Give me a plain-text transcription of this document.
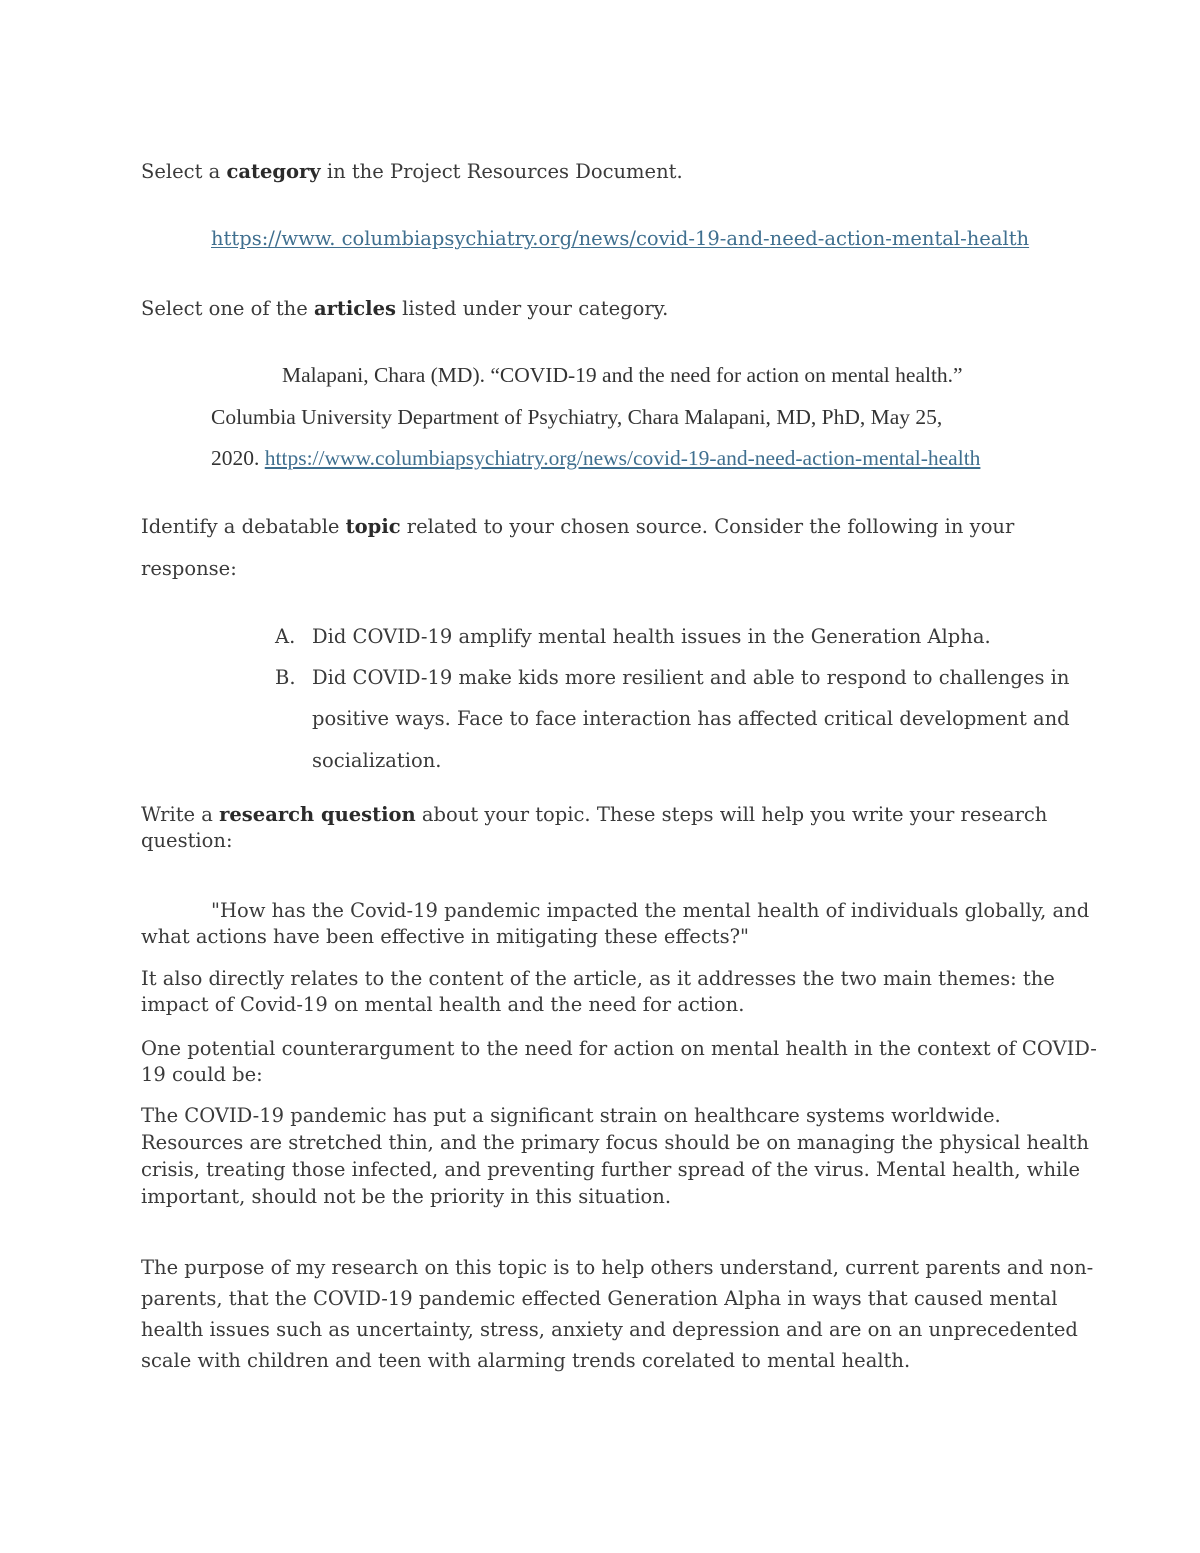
Select a category in the Project Resources Document.
https://www. columbiapsychiatry.org/news/covid-19-and-need-action-mental-health
Select one of the articles listed under your category.
Malapani, Chara (MD). “COVID-19 and the need for action on mental health.”
Columbia University Department of Psychiatry, Chara Malapani, MD, PhD, May 25,
2020. https://www.columbiapsychiatry.org/news/covid-19-and-need-action-mental-health
Identify a debatable topic related to your chosen source. Consider the following in your
response:
A. Did COVID-19 amplify mental health issues in the Generation Alpha.
B. Did COVID-19 make kids more resilient and able to respond to challenges in
positive ways. Face to face interaction has affected critical development and
socialization.
Write a research question about your topic. These steps will help you write your research
question:
"How has the Covid-19 pandemic impacted the mental health of individuals globally, and
what actions have been effective in mitigating these effects?"
It also directly relates to the content of the article, as it addresses the two main themes: the
impact of Covid-19 on mental health and the need for action.
One potential counterargument to the need for action on mental health in the context of COVID-
19 could be:
The COVID-19 pandemic has put a significant strain on healthcare systems worldwide.
Resources are stretched thin, and the primary focus should be on managing the physical health
crisis, treating those infected, and preventing further spread of the virus. Mental health, while
important, should not be the priority in this situation.
The purpose of my research on this topic is to help others understand, current parents and non-
parents, that the COVID-19 pandemic effected Generation Alpha in ways that caused mental
health issues such as uncertainty, stress, anxiety and depression and are on an unprecedented
scale with children and teen with alarming trends corelated to mental health.
